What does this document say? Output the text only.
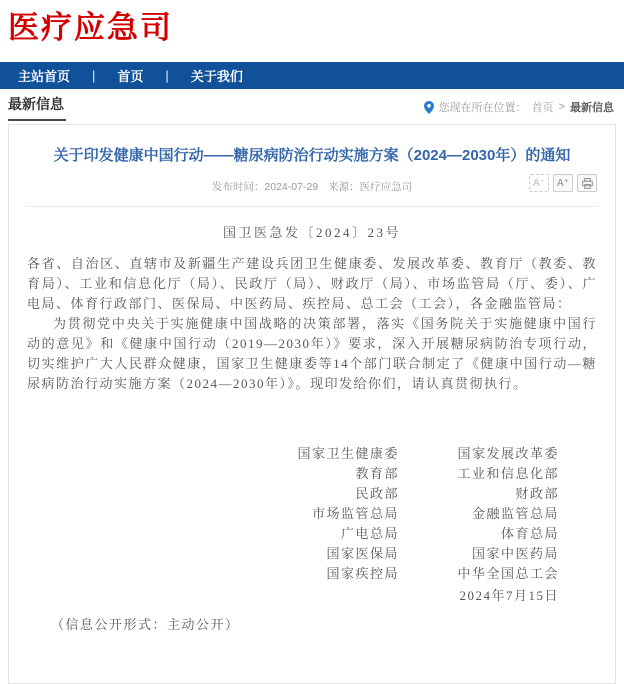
医疗应急司
主站首页 | 首页 | 关于我们
最新信息	您现在所在位置： 首页 > 最新信息
关于印发健康中国行动——糖尿病防治行动实施方案（2024—2030年）的通知
发布时间：2024-07-29 来源：医疗应急司	A⁻	A⁺
国卫医急发〔2024〕23号

各省、自治区、直辖市及新疆生产建设兵团卫生健康委、发展改革委、教育厅（教委、教育局）、工业和信息化厅（局）、民政厅（局）、财政厅（局）、市场监管局（厅、委）、广电局、体育行政部门、医保局、中医药局、疾控局、总工会（工会），各金融监管局：

为贯彻党中央关于实施健康中国战略的决策部署，落实《国务院关于实施健康中国行动的意见》和《健康中国行动（2019—2030年）》要求，深入开展糖尿病防治专项行动，切实维护广大人民群众健康，国家卫生健康委等14个部门联合制定了《健康中国行动—糖尿病防治行动实施方案（2024—2030年）》。现印发给你们，请认真贯彻执行。

国家卫生健康委	国家发展改革委
教育部	工业和信息化部
民政部	财政部
市场监管总局	金融监管总局
广电总局	体育总局
国家医保局	国家中医药局
国家疾控局	中华全国总工会
2024年7月15日
（信息公开形式：主动公开）
